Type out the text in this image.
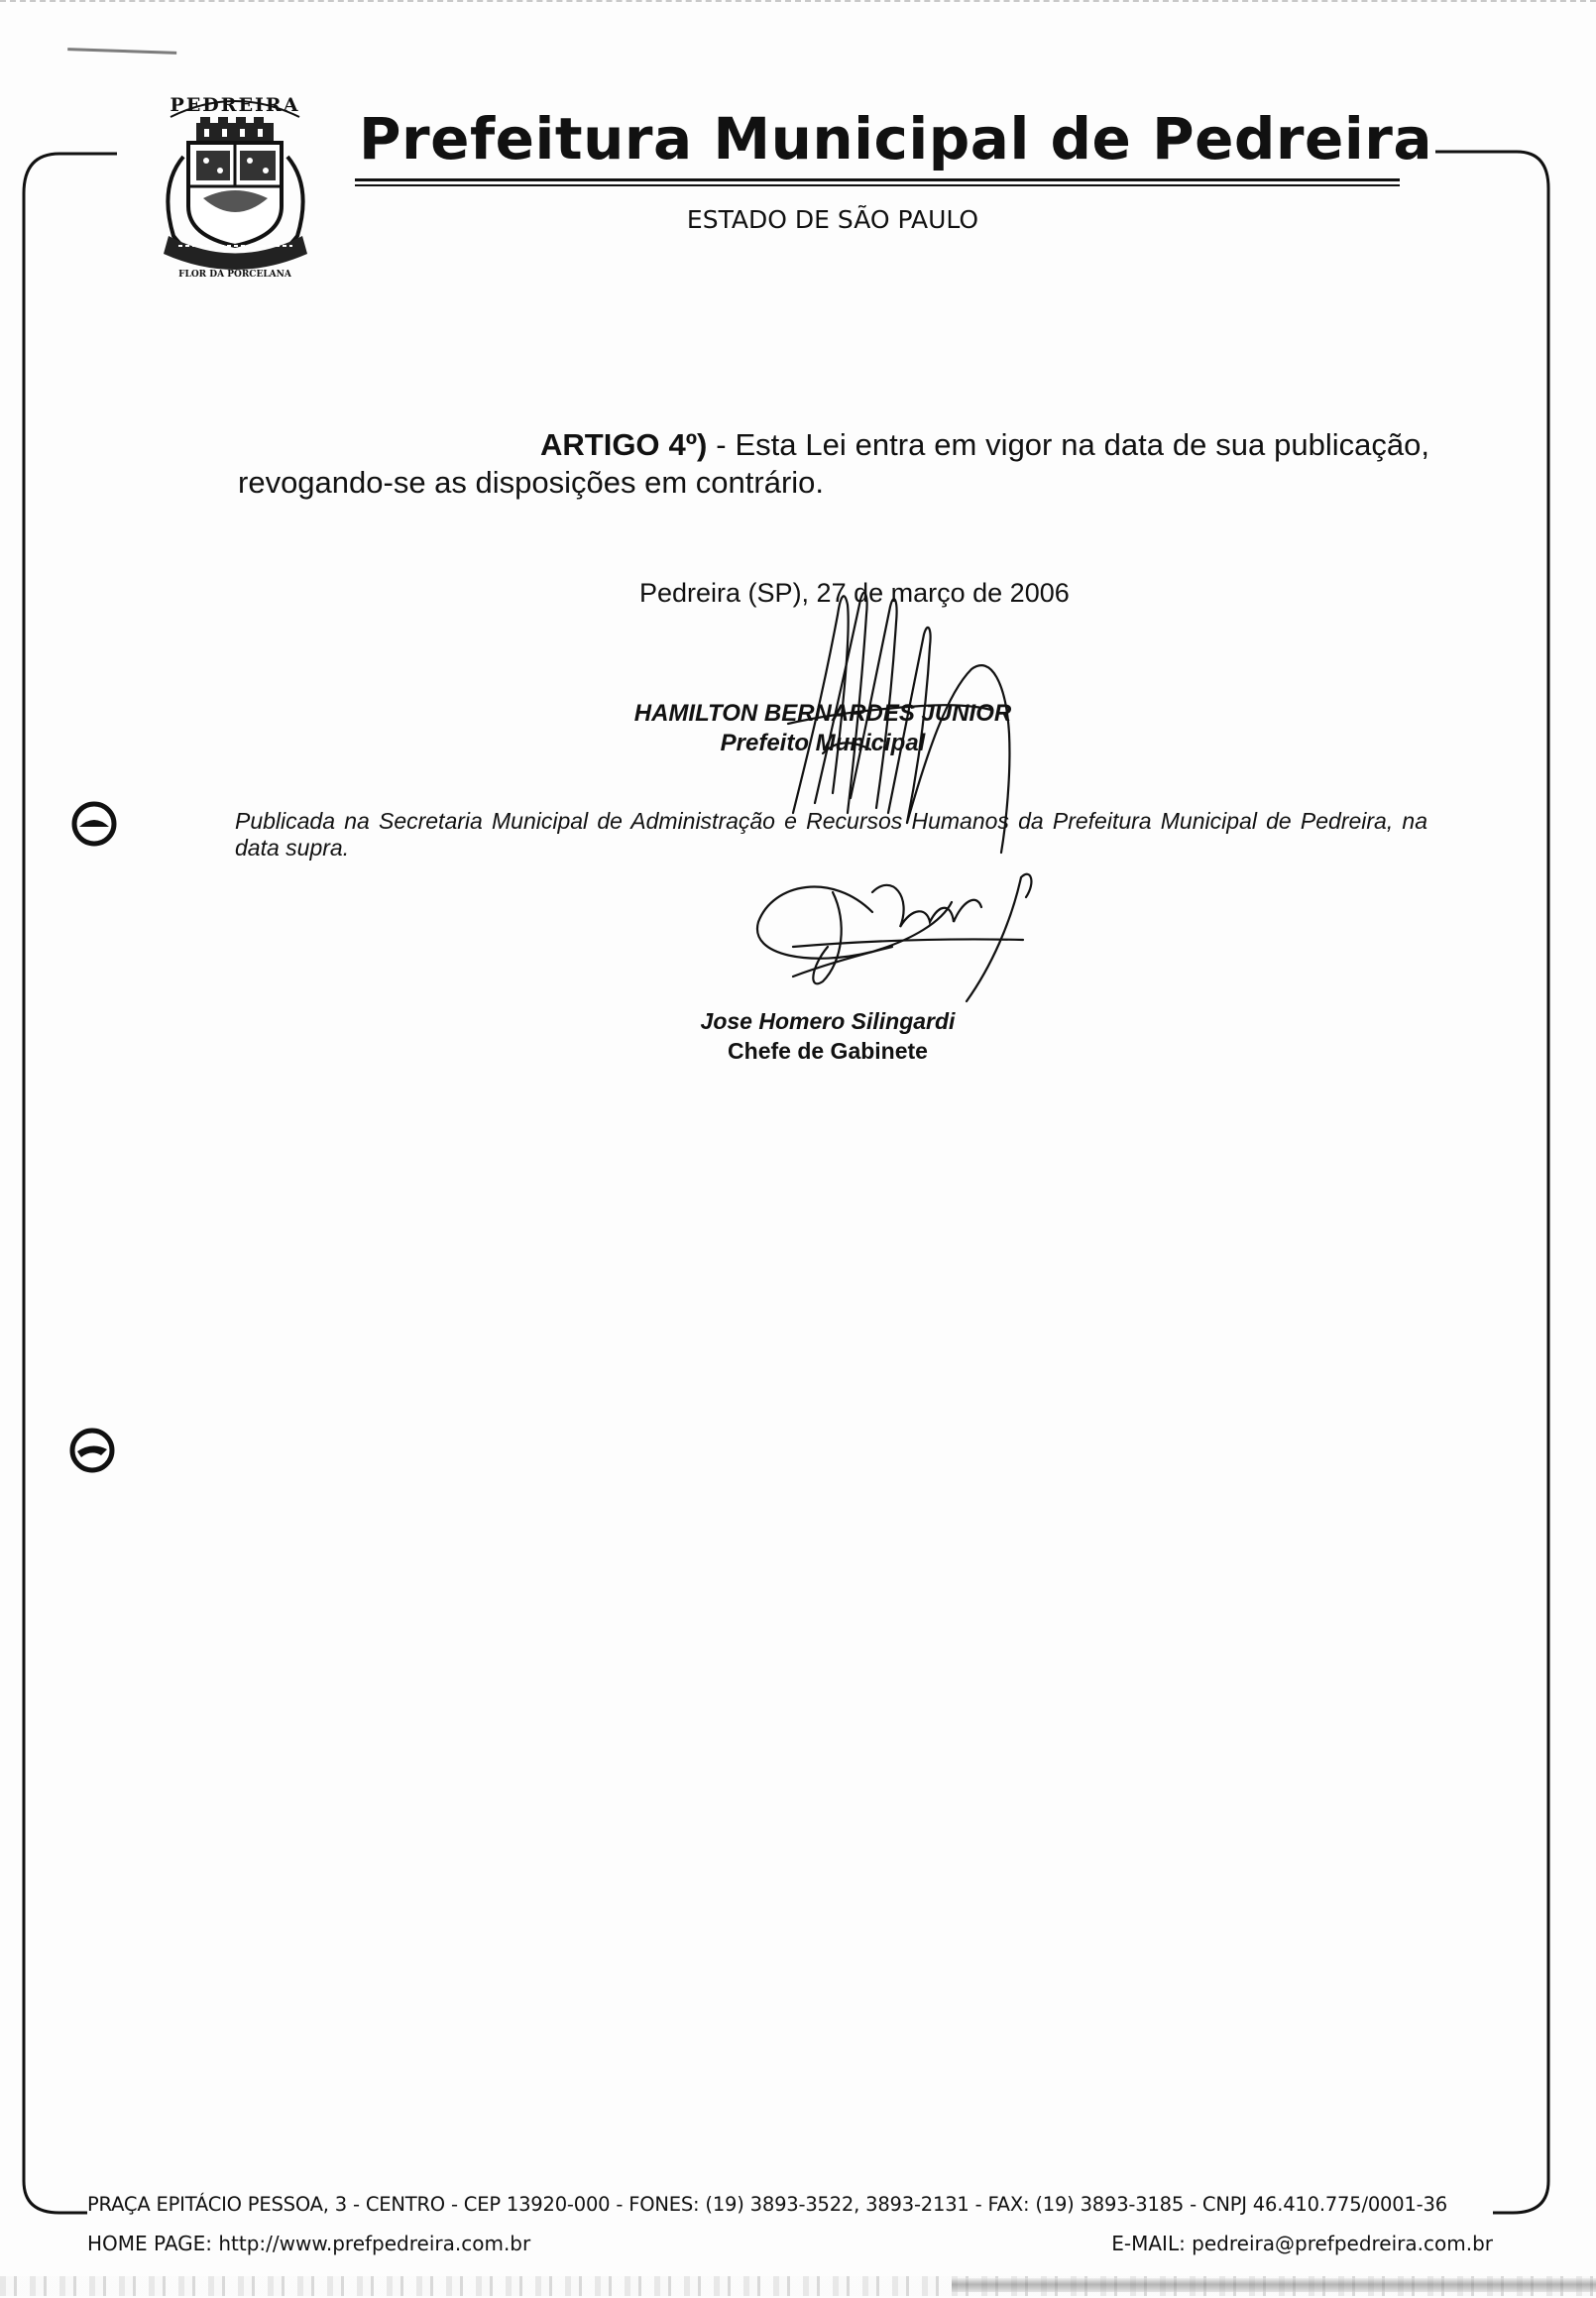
PEDREIRA
FLOR DA PORCELANA
Prefeitura Municipal de Pedreira
ESTADO DE SÃO PAULO

ARTIGO 4º) - Esta Lei entra em vigor na data de sua publicação, revogando-se as disposições em contrário.

Pedreira (SP), 27 de março de 2006
HAMILTON BERNARDES JUNIOR
Prefeito Municipal

Publicada na Secretaria Municipal de Administração e Recursos Humanos da Prefeitura Municipal de Pedreira, na data supra.

Jose Homero Silingardi
Chefe de Gabinete
PRAÇA EPITÁCIO PESSOA, 3 - CENTRO - CEP 13920-000 - FONES: (19) 3893-3522, 3893-2131 - FAX: (19) 3893-3185 - CNPJ 46.410.775/0001-36
HOME PAGE: http://www.prefpedreira.com.br	E-MAIL: pedreira@prefpedreira.com.br
